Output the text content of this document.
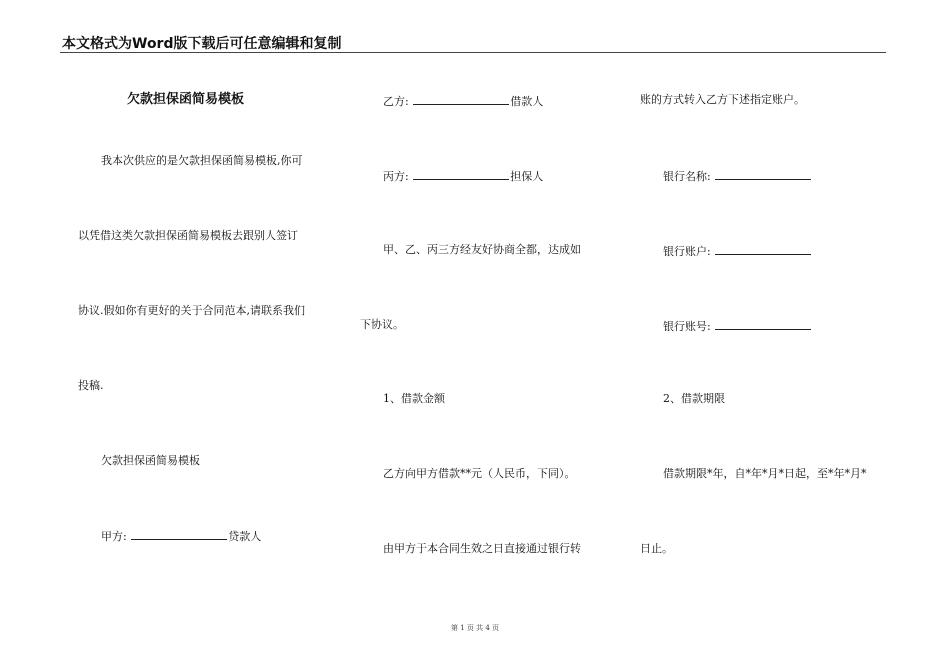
本文格式为Word版下载后可任意编辑和复制
欠款担保函简易模板
我本次供应的是欠款担保函简易模板,你可
以凭借这类欠款担保函简易模板去跟别人签订
协议.假如你有更好的关于合同范本,请联系我们
投稿.
欠款担保函简易模板
甲方:	贷款人
乙方:	借款人
丙方:	担保人
甲、乙、丙三方经友好协商全都，达成如
下协议。
1、借款金额
乙方向甲方借款**元（人民币，下同）。
由甲方于本合同生效之日直接通过银行转
账的方式转入乙方下述指定账户。
银行名称:
银行账户:
银行账号:
2、借款期限
借款期限*年，自*年*月*日起，至*年*月*
日止。
第 1 页 共 4 页
